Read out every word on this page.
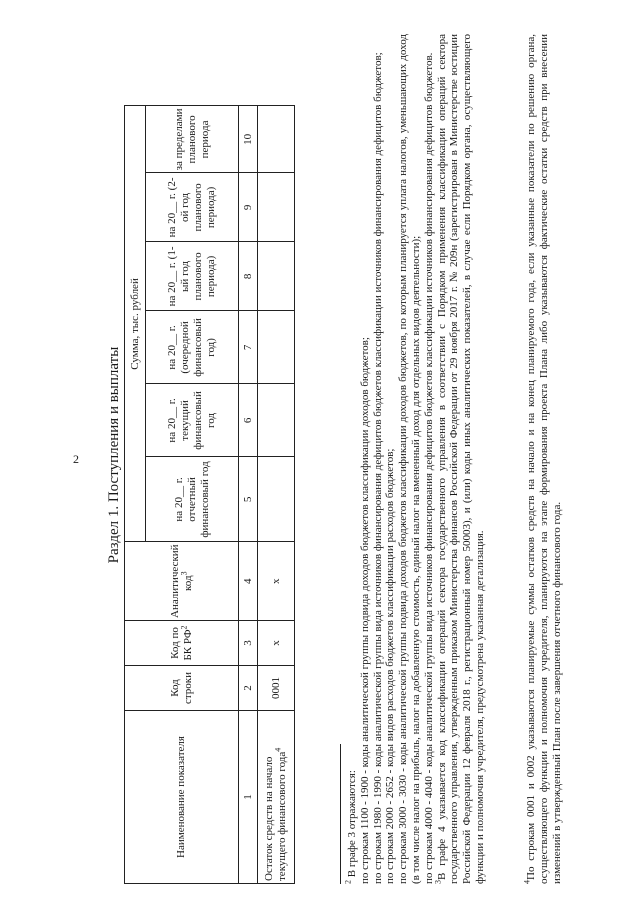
2 Раздел 1. Поступления и выплаты
Наименование показателя	Код строки	Код по БК $РФ^2$	Аналитический код$^3$	Сумма, тыс. рублей					
				на 20__ г. отчетный финансовый год	на 20__ г. текущий финансовый год	на 20__ г. (очередной финансовый год)	на 20__ г. (1-ый год планового периода)	на 20__ г. (2-ой год планового периода)	за пределами планового периода
1	2	3	4	5	6	7	8	9	10
Остаток средств на начало текущего финансового года$^4$	0001	x	x						

$^2$ В графе 3 отражаются: по строкам 1100 - 1900 - коды аналитической группы подвида доходов бюджетов классификации доходов бюджетов; по строкам 1980 - 1990 - коды аналитической группы вида источников финансирования дефицитов бюджетов классификации источников финансирования дефицитов бюджетов; по строкам 2000 - 2652 - коды видов расходов бюджетов классификации расходов бюджетов; по строкам 3000 - 3030 - коды аналитической группы подвида доходов бюджетов классификации доходов бюджетов, по которым планируется уплата налогов, уменьшающих доход (в том числе налог на прибыль, налог на добавленную стоимость, единый налог на вмененный доход для отдельных видов деятельности); по строкам 4000 - 4040 - коды аналитической группы вида источников финансирования дефицитов бюджетов классификации источников финансирования дефицитов бюджетов.

$^3$В графе 4 указывается код классификации операций сектора государственного управления в соответствии с Порядком применения классификации операций сектора государственного управления, утвержденным приказом Министерства финансов Российской Федерации от 29 ноября 2017 г. № 209н (зарегистрирован в Министерстве юстиции Российской Федерации 12 февраля 2018 г., регистрационный номер 50003), и (или) коды иных аналитических показателей, в случае если Порядком органа, осуществляющего функции и полномочия учредителя, предусмотрена указанная детализация.	$^4$По строкам 0001 и 0002 указываются планируемые суммы остатков средств на начало и на конец планируемого года, если указанные показатели по решению органа, осуществляющего функции и полномочия учредителя, планируются на этапе формирования проекта Плана либо указываются фактические остатки средств при внесении изменений в утвержденный План после завершения отчетного финансового года.
